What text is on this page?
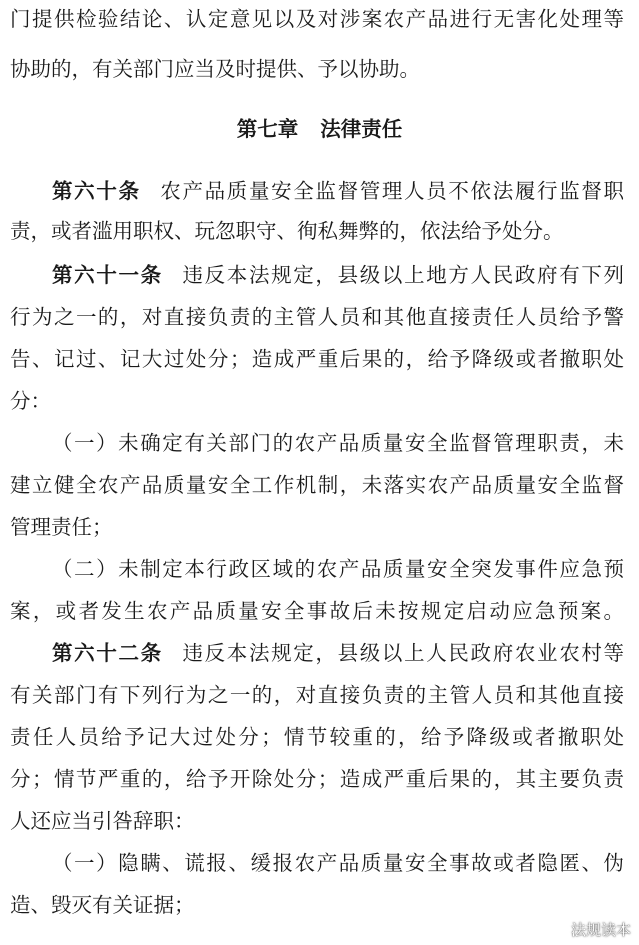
门提供检验结论、认定意见以及对涉案农产品进行无害化处理等
协助的，有关部门应当及时提供、予以协助。
第七章 法律责任
第六十条 农产品质量安全监督管理人员不依法履行监督职
责，或者滥用职权、玩忽职守、徇私舞弊的，依法给予处分。
第六十一条 违反本法规定，县级以上地方人民政府有下列
行为之一的，对直接负责的主管人员和其他直接责任人员给予警
告、记过、记大过处分；造成严重后果的，给予降级或者撤职处
分：
（一）未确定有关部门的农产品质量安全监督管理职责，未
建立健全农产品质量安全工作机制，未落实农产品质量安全监督
管理责任；
（二）未制定本行政区域的农产品质量安全突发事件应急预
案，或者发生农产品质量安全事故后未按规定启动应急预案。
第六十二条 违反本法规定，县级以上人民政府农业农村等
有关部门有下列行为之一的，对直接负责的主管人员和其他直接
责任人员给予记大过处分；情节较重的，给予降级或者撤职处
分；情节严重的，给予开除处分；造成严重后果的，其主要负责
人还应当引咎辞职：
（一）隐瞒、谎报、缓报农产品质量安全事故或者隐匿、伪
造、毁灭有关证据；
法规读本
